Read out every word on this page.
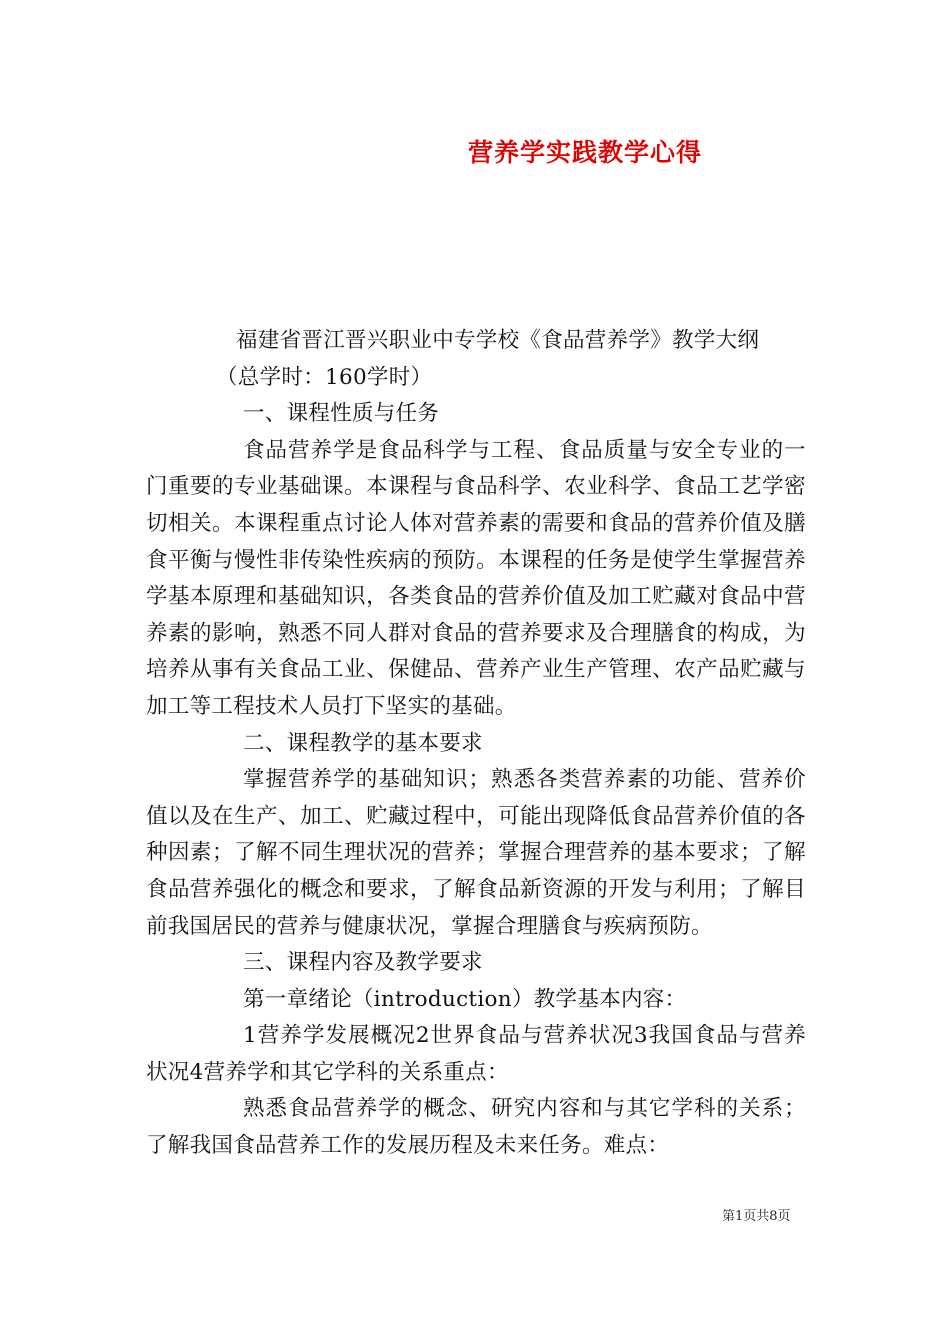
营养学实践教学心得

福建省晋江晋兴职业中专学校《食品营养学》教学大纲

（总学时：160学时）

一、课程性质与任务

食品营养学是食品科学与工程、食品质量与安全专业的一门重要的专业基础课。本课程与食品科学、农业科学、食品工艺学密切相关。本课程重点讨论人体对营养素的需要和食品的营养价值及膳食平衡与慢性非传染性疾病的预防。本课程的任务是使学生掌握营养学基本原理和基础知识，各类食品的营养价值及加工贮藏对食品中营养素的影响，熟悉不同人群对食品的营养要求及合理膳食的构成，为培养从事有关食品工业、保健品、营养产业生产管理、农产品贮藏与加工等工程技术人员打下坚实的基础。

二、课程教学的基本要求

掌握营养学的基础知识；熟悉各类营养素的功能、营养价值以及在生产、加工、贮藏过程中，可能出现降低食品营养价值的各种因素；了解不同生理状况的营养；掌握合理营养的基本要求；了解食品营养强化的概念和要求，了解食品新资源的开发与利用；了解目前我国居民的营养与健康状况，掌握合理膳食与疾病预防。

三、课程内容及教学要求

第一章绪论（introduction）教学基本内容：

1营养学发展概况2世界食品与营养状况3我国食品与营养状况4营养学和其它学科的关系重点：

熟悉食品营养学的概念、研究内容和与其它学科的关系；了解我国食品营养工作的发展历程及未来任务。难点：

第1页共8页
